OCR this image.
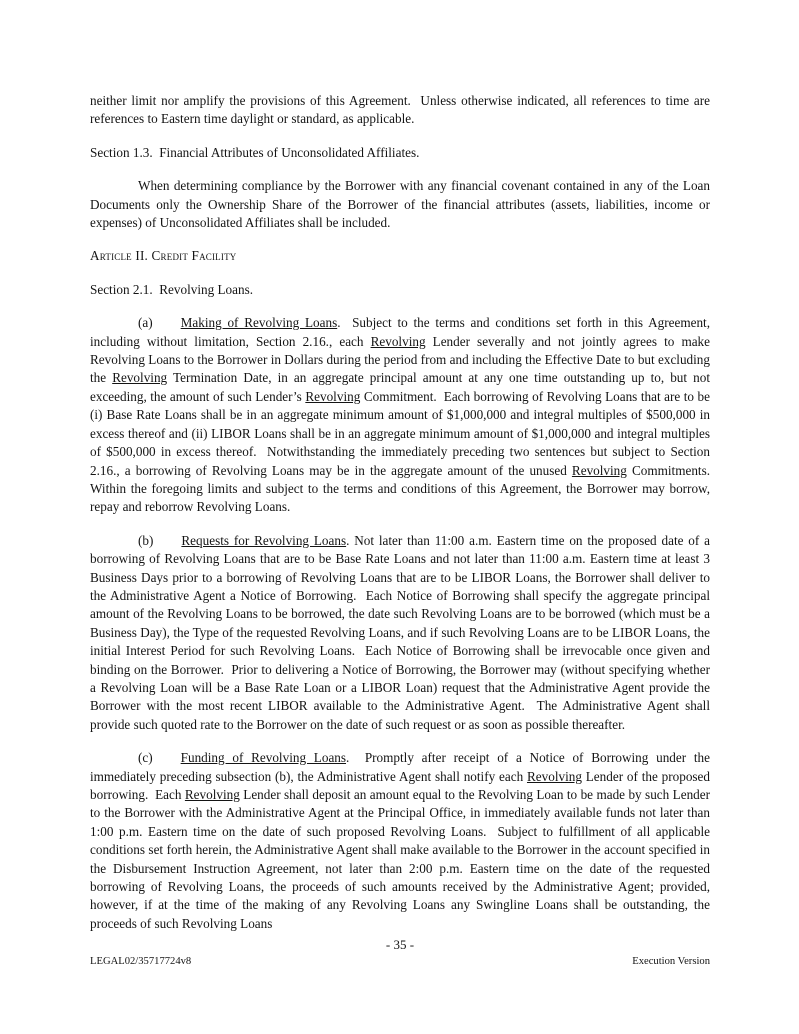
neither limit nor amplify the provisions of this Agreement.  Unless otherwise indicated, all references to time are references to Eastern time daylight or standard, as applicable.

Section 1.3.  Financial Attributes of Unconsolidated Affiliates.

When determining compliance by the Borrower with any financial covenant contained in any of the Loan Documents only the Ownership Share of the Borrower of the financial attributes (assets, liabilities, income or expenses) of Unconsolidated Affiliates shall be included.

Article II. Credit Facility
Section 2.1.  Revolving Loans.

(a) Making of Revolving Loans.  Subject to the terms and conditions set forth in this Agreement, including without limitation, Section 2.16., each Revolving Lender severally and not jointly agrees to make Revolving Loans to the Borrower in Dollars during the period from and including the Effective Date to but excluding the Revolving Termination Date, in an aggregate principal amount at any one time outstanding up to, but not exceeding, the amount of such Lender’s Revolving Commitment.  Each borrowing of Revolving Loans that are to be (i) Base Rate Loans shall be in an aggregate minimum amount of $1,000,000 and integral multiples of $500,000 in excess thereof and (ii) LIBOR Loans shall be in an aggregate minimum amount of $1,000,000 and integral multiples of $500,000 in excess thereof.  Notwithstanding the immediately preceding two sentences but subject to Section 2.16., a borrowing of Revolving Loans may be in the aggregate amount of the unused Revolving Commitments.  Within the foregoing limits and subject to the terms and conditions of this Agreement, the Borrower may borrow, repay and reborrow Revolving Loans.

(b) Requests for Revolving Loans. Not later than 11:00 a.m. Eastern time on the proposed date of a borrowing of Revolving Loans that are to be Base Rate Loans and not later than 11:00 a.m. Eastern time at least 3 Business Days prior to a borrowing of Revolving Loans that are to be LIBOR Loans, the Borrower shall deliver to the Administrative Agent a Notice of Borrowing.  Each Notice of Borrowing shall specify the aggregate principal amount of the Revolving Loans to be borrowed, the date such Revolving Loans are to be borrowed (which must be a Business Day), the Type of the requested Revolving Loans, and if such Revolving Loans are to be LIBOR Loans, the initial Interest Period for such Revolving Loans.  Each Notice of Borrowing shall be irrevocable once given and binding on the Borrower.  Prior to delivering a Notice of Borrowing, the Borrower may (without specifying whether a Revolving Loan will be a Base Rate Loan or a LIBOR Loan) request that the Administrative Agent provide the Borrower with the most recent LIBOR available to the Administrative Agent.  The Administrative Agent shall provide such quoted rate to the Borrower on the date of such request or as soon as possible thereafter.

(c) Funding of Revolving Loans.  Promptly after receipt of a Notice of Borrowing under the immediately preceding subsection (b), the Administrative Agent shall notify each Revolving Lender of the proposed borrowing.  Each Revolving Lender shall deposit an amount equal to the Revolving Loan to be made by such Lender to the Borrower with the Administrative Agent at the Principal Office, in immediately available funds not later than 1:00 p.m. Eastern time on the date of such proposed Revolving Loans.  Subject to fulfillment of all applicable conditions set forth herein, the Administrative Agent shall make available to the Borrower in the account specified in the Disbursement Instruction Agreement, not later than 2:00 p.m. Eastern time on the date of the requested borrowing of Revolving Loans, the proceeds of such amounts received by the Administrative Agent; provided, however, if at the time of the making of any Revolving Loans any Swingline Loans shall be outstanding, the proceeds of such Revolving Loans

- 35 -
LEGAL02/35717724v8	Execution Version
